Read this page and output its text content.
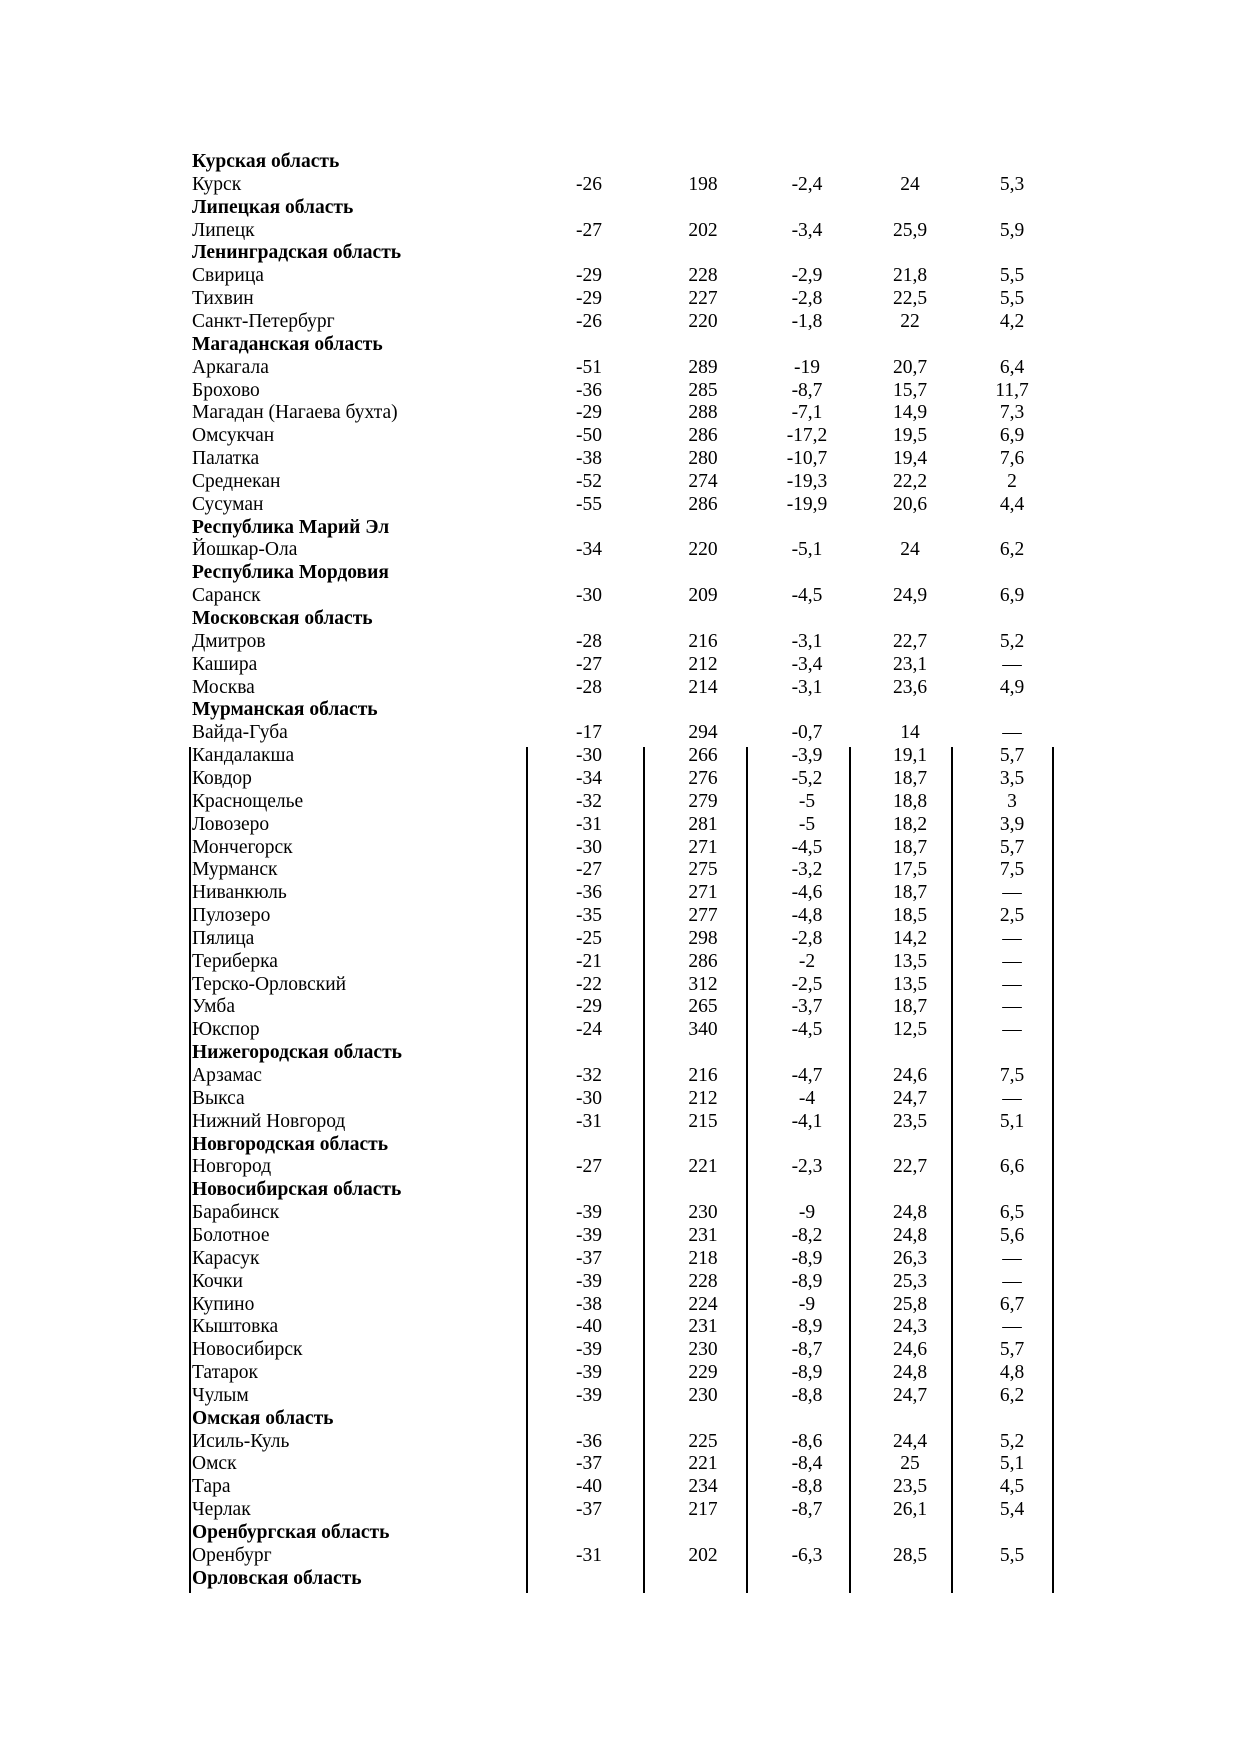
Курская область
Курск	-26	198	-2,4	24	5,3
Липецкая область
Липецк	-27	202	-3,4	25,9	5,9
Ленинградская область
Свирица	-29	228	-2,9	21,8	5,5
Тихвин	-29	227	-2,8	22,5	5,5
Санкт-Петербург	-26	220	-1,8	22	4,2
Магаданская область
Аркагала	-51	289	-19	20,7	6,4
Брохово	-36	285	-8,7	15,7	11,7
Магадан (Нагаева бухта)	-29	288	-7,1	14,9	7,3
Омсукчан	-50	286	-17,2	19,5	6,9
Палатка	-38	280	-10,7	19,4	7,6
Среднекан	-52	274	-19,3	22,2	2
Сусуман	-55	286	-19,9	20,6	4,4
Республика Марий Эл
Йошкар-Ола	-34	220	-5,1	24	6,2
Республика Мордовия
Саранск	-30	209	-4,5	24,9	6,9
Московская область
Дмитров	-28	216	-3,1	22,7	5,2
Кашира	-27	212	-3,4	23,1	—
Москва	-28	214	-3,1	23,6	4,9
Мурманская область
Вайда-Губа	-17	294	-0,7	14	—
Кандалакша	-30	266	-3,9	19,1	5,7
Ковдор	-34	276	-5,2	18,7	3,5
Краснощелье	-32	279	-5	18,8	3
Ловозеро	-31	281	-5	18,2	3,9
Мончегорск	-30	271	-4,5	18,7	5,7
Мурманск	-27	275	-3,2	17,5	7,5
Ниванкюль	-36	271	-4,6	18,7	—
Пулозеро	-35	277	-4,8	18,5	2,5
Пялица	-25	298	-2,8	14,2	—
Териберка	-21	286	-2	13,5	—
Терско-Орловский	-22	312	-2,5	13,5	—
Умба	-29	265	-3,7	18,7	—
Юкспор	-24	340	-4,5	12,5	—
Нижегородская область
Арзамас	-32	216	-4,7	24,6	7,5
Выкса	-30	212	-4	24,7	—
Нижний Новгород	-31	215	-4,1	23,5	5,1
Новгородская область
Новгород	-27	221	-2,3	22,7	6,6
Новосибирская область
Барабинск	-39	230	-9	24,8	6,5
Болотное	-39	231	-8,2	24,8	5,6
Карасук	-37	218	-8,9	26,3	—
Кочки	-39	228	-8,9	25,3	—
Купино	-38	224	-9	25,8	6,7
Кыштовка	-40	231	-8,9	24,3	—
Новосибирск	-39	230	-8,7	24,6	5,7
Татарок	-39	229	-8,9	24,8	4,8
Чулым	-39	230	-8,8	24,7	6,2
Омская область
Исиль-Куль	-36	225	-8,6	24,4	5,2
Омск	-37	221	-8,4	25	5,1
Тара	-40	234	-8,8	23,5	4,5
Черлак	-37	217	-8,7	26,1	5,4
Оренбургская область
Оренбург	-31	202	-6,3	28,5	5,5
Орловская область
